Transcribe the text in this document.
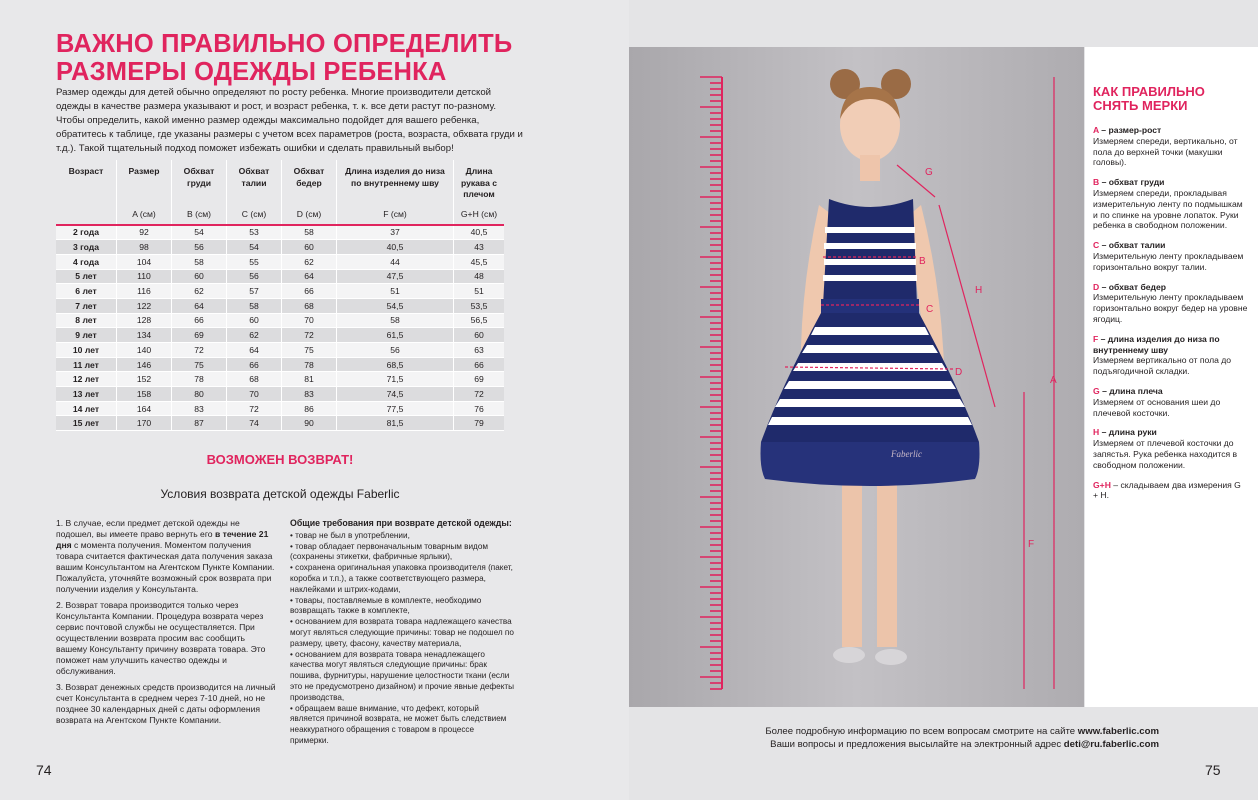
ВАЖНО ПРАВИЛЬНО ОПРЕДЕЛИТЬ
РАЗМЕРЫ ОДЕЖДЫ РЕБЕНКА
Размер одежды для детей обычно определяют по росту ребенка. Многие производители детской одежды в качестве размера указывают и рост, и возраст ребенка, т. к. все дети растут по-разному. Чтобы определить, какой именно размер одежды максимально подойдет для вашего ребенка, обратитесь к таблице, где указаны размеры с учетом всех параметров (роста, возраста, обхвата груди и т.д.). Такой тщательный подход поможет избежать ошибки и сделать правильный выбор!
Возраст	Размер	Обхват груди	Обхват талии	Обхват бедер	Длина изделия до низа по внутреннему шву	Длина рукава с плечом
	A (см)	B (см)	C (см)	D (см)	F (см)	G+H (см)
2 года	92	54	53	58	37	40,5
3 года	98	56	54	60	40,5	43
4 года	104	58	55	62	44	45,5
5 лет	110	60	56	64	47,5	48
6 лет	116	62	57	66	51	51
7 лет	122	64	58	68	54,5	53,5
8 лет	128	66	60	70	58	56,5
9 лет	134	69	62	72	61,5	60
10 лет	140	72	64	75	56	63
11 лет	146	75	66	78	68,5	66
12 лет	152	78	68	81	71,5	69
13 лет	158	80	70	83	74,5	72
14 лет	164	83	72	86	77,5	76
15 лет	170	87	74	90	81,5	79
ВОЗМОЖЕН ВОЗВРАТ!
Условия возврата детской одежды Faberlic

1. В случае, если предмет детской одежды не подошел, вы имеете право вернуть его в течение 21 дня с момента получения. Моментом получения товара считается фактическая дата получения заказа вашим Консультантом на Агентском Пункте Компании. Пожалуйста, уточняйте возможный срок возврата при получении изделия у Консультанта.

2. Возврат товара производится только через Консультанта Компании. Процедура возврата через сервис почтовой службы не осуществляется. При осуществлении возврата просим вас сообщить вашему Консультанту причину возврата товара. Это поможет нам улучшить качество одежды и обслуживания.

3. Возврат денежных средств производится на личный счет Консультанта в среднем через 7-10 дней, но не позднее 30 календарных дней с даты оформления возврата на Агентском Пункте Компании.

Общие требования при возврате детской одежды:

• товар не был в употреблении,

• товар обладает первоначальным товарным видом (сохранены этикетки, фабричные ярлыки),

• сохранена оригинальная упаковка производителя (пакет, коробка и т.п.), а также соответствующего размера, наклейками и штрих-кодами,

• товары, поставляемые в комплекте, необходимо возвращать также в комплекте,

• основанием для возврата товара надлежащего качества могут являться следующие причины: товар не подошел по размеру, цвету, фасону, качеству материала,

• основанием для возврата товара ненадлежащего качества могут являться следующие причины: брак пошива, фурнитуры, нарушение целостности ткани (если это не предусмотрено дизайном) и прочие явные дефекты производства,

• обращаем ваше внимание, что дефект, который является причиной возврата, не может быть следствием неаккуратного обращения с товаром в процессе примерки.

74
Faberlic
G
B
C
D
H
A
F
КАК ПРАВИЛЬНО
СНЯТЬ МЕРКИ
A – размер-рост
Измеряем спереди, вертикально, от пола до верхней точки (макушки головы).
B – обхват груди
Измеряем спереди, прокладывая измерительную ленту по подмышкам и по спинке на уровне лопаток. Руки ребенка в свободном положении.
C – обхват талии
Измерительную ленту прокладываем горизонтально вокруг талии.
D – обхват бедер
Измерительную ленту прокладываем горизонтально вокруг бедер на уровне ягодиц.
F – длина изделия до низа по внутреннему шву
Измеряем вертикально от пола до подъягодичной складки.
G – длина плеча
Измеряем от основания шеи до плечевой косточки.
H – длина руки
Измеряем от плечевой косточки до запястья. Рука ребенка находится в свободном положении.
G+H – складываем два измерения G + H.
Более подробную информацию по всем вопросам смотрите на сайте www.faberlic.com
Ваши вопросы и предложения высылайте на электронный адрес deti@ru.faberlic.com
75
